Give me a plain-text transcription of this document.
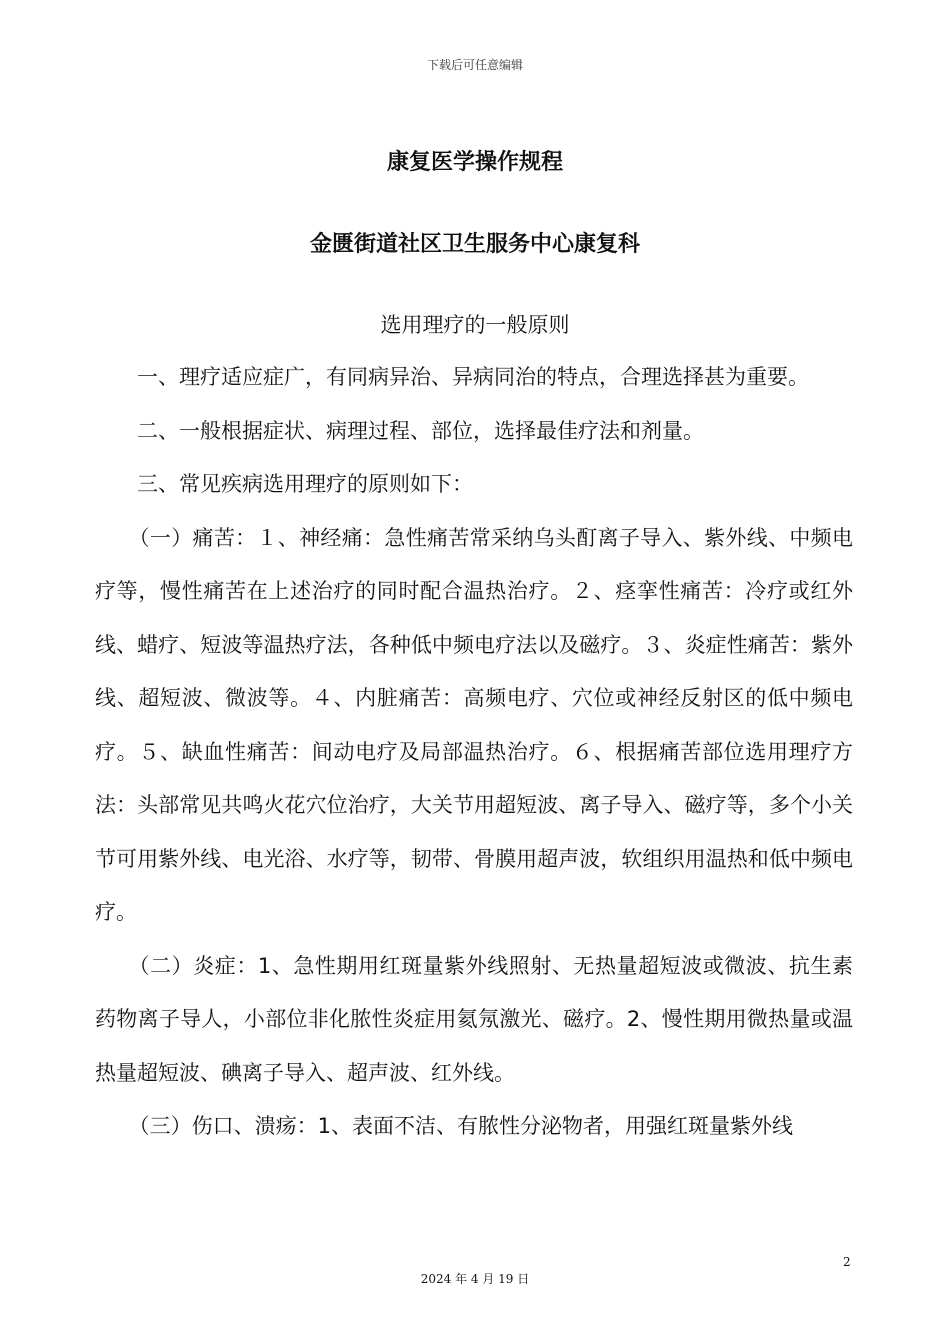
下载后可任意编辑
康复医学操作规程
金匮街道社区卫生服务中心康复科
选用理疗的一般原则

一、理疗适应症广，有同病异治、异病同治的特点，合理选择甚为重要。

二、一般根据症状、病理过程、部位，选择最佳疗法和剂量。

三、常见疾病选用理疗的原则如下：

（一）痛苦：１、神经痛：急性痛苦常采纳乌头酊离子导入、紫外线、中频电疗等，慢性痛苦在上述治疗的同时配合温热治疗。２、痉挛性痛苦：冷疗或红外线、蜡疗、短波等温热疗法，各种低中频电疗法以及磁疗。３、炎症性痛苦：紫外线、超短波、微波等。４、内脏痛苦：高频电疗、穴位或神经反射区的低中频电疗。５、缺血性痛苦：间动电疗及局部温热治疗。６、根据痛苦部位选用理疗方法：头部常见共鸣火花穴位治疗，大关节用超短波、离子导入、磁疗等，多个小关节可用紫外线、电光浴、水疗等，韧带、骨膜用超声波，软组织用温热和低中频电疗。

（二）炎症：1、急性期用红斑量紫外线照射、无热量超短波或微波、抗生素药物离子导人，小部位非化脓性炎症用氦氖激光、磁疗。2、慢性期用微热量或温热量超短波、碘离子导入、超声波、红外线。

（三）伤口、溃疡：1、表面不洁、有脓性分泌物者，用强红斑量紫外线

2
2024 年 4 月 19 日
